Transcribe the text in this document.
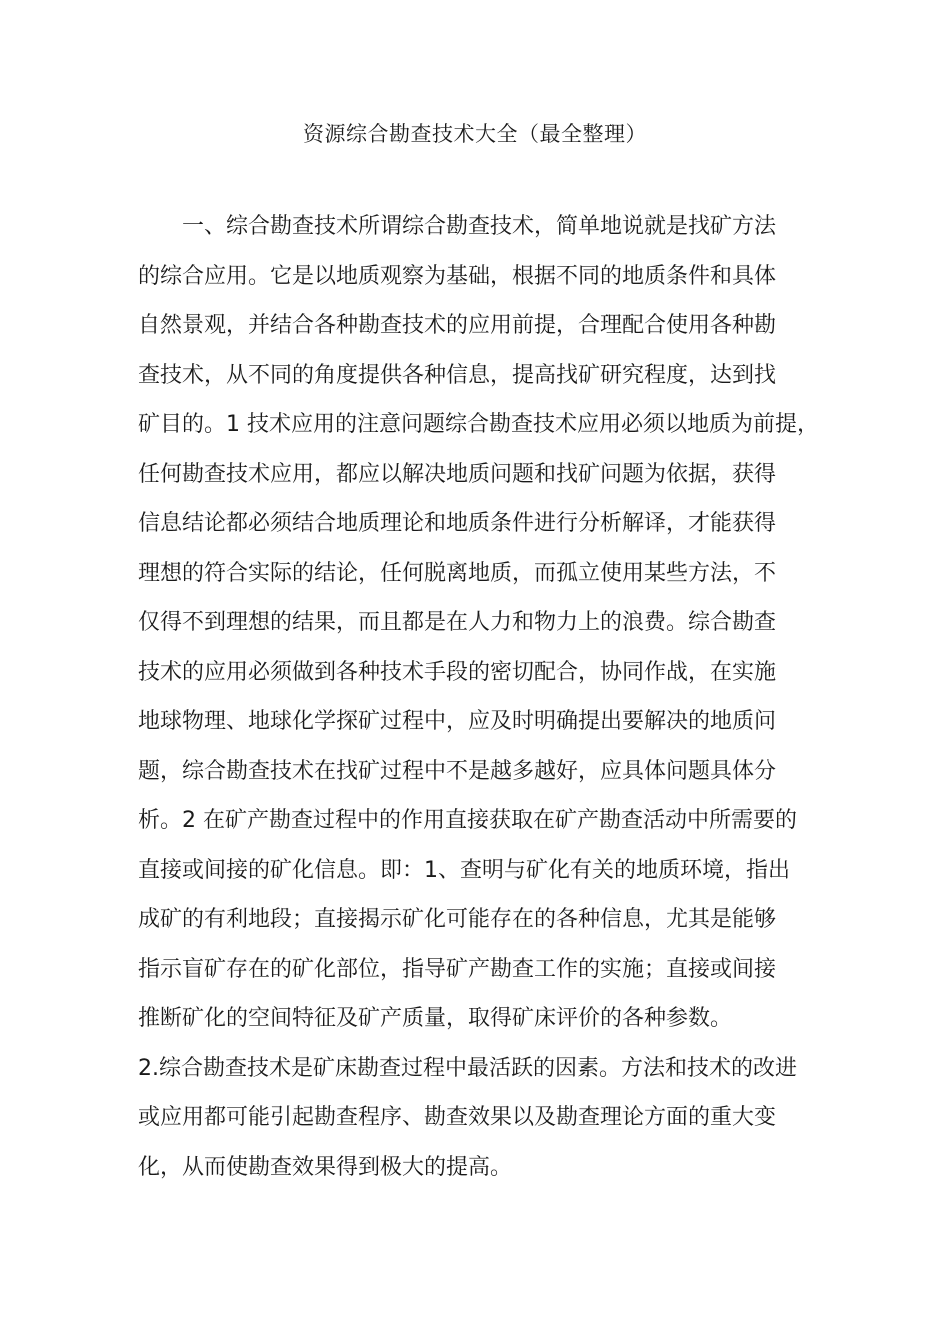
资源综合勘查技术大全（最全整理）
一、综合勘查技术所谓综合勘查技术，简单地说就是找矿方法
的综合应用。它是以地质观察为基础，根据不同的地质条件和具体
自然景观，并结合各种勘查技术的应用前提，合理配合使用各种勘
查技术，从不同的角度提供各种信息，提高找矿研究程度，达到找
矿目的。1 技术应用的注意问题综合勘查技术应用必须以地质为前提，
任何勘查技术应用，都应以解决地质问题和找矿问题为依据，获得
信息结论都必须结合地质理论和地质条件进行分析解译，才能获得
理想的符合实际的结论，任何脱离地质，而孤立使用某些方法，不
仅得不到理想的结果，而且都是在人力和物力上的浪费。综合勘查
技术的应用必须做到各种技术手段的密切配合，协同作战，在实施
地球物理、地球化学探矿过程中，应及时明确提出要解决的地质问
题，综合勘查技术在找矿过程中不是越多越好，应具体问题具体分
析。2 在矿产勘查过程中的作用直接获取在矿产勘查活动中所需要的
直接或间接的矿化信息。即：1、查明与矿化有关的地质环境，指出
成矿的有利地段；直接揭示矿化可能存在的各种信息，尤其是能够
指示盲矿存在的矿化部位，指导矿产勘查工作的实施；直接或间接
推断矿化的空间特征及矿产质量，取得矿床评价的各种参数。
2.综合勘查技术是矿床勘查过程中最活跃的因素。方法和技术的改进
或应用都可能引起勘查程序、勘查效果以及勘查理论方面的重大变
化，从而使勘查效果得到极大的提高。
